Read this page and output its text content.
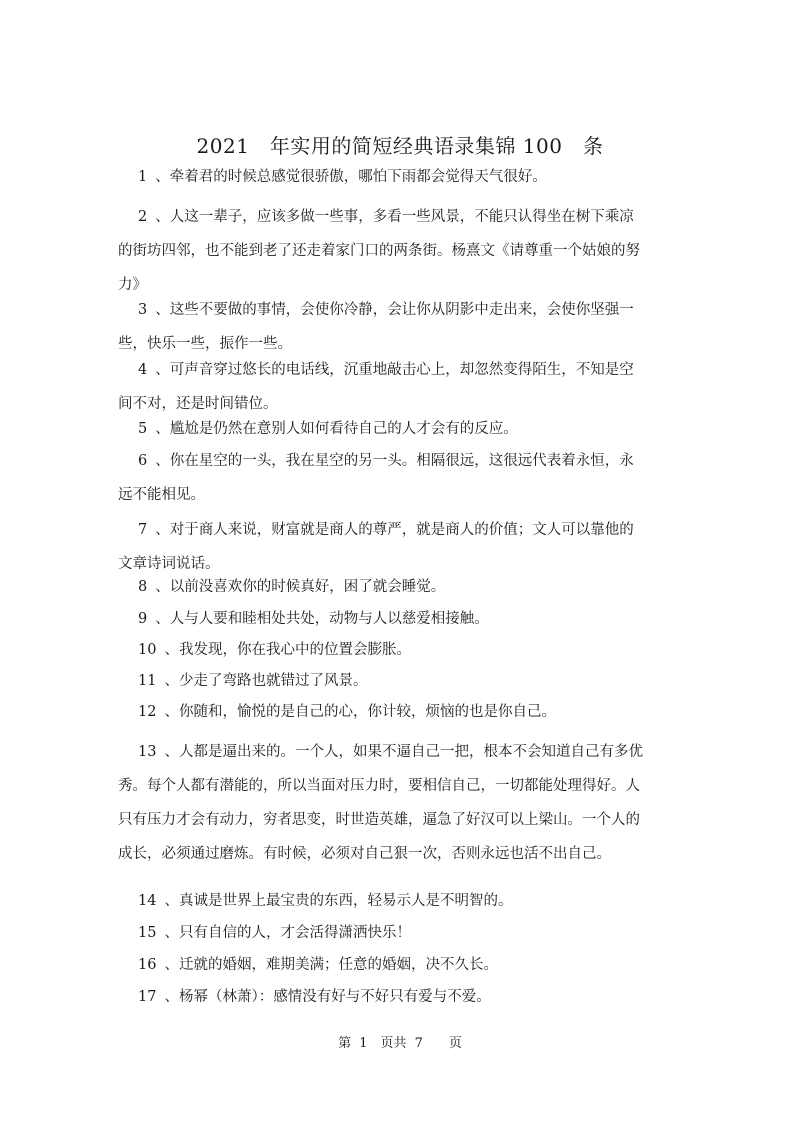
2021　年实用的简短经典语录集锦 100　条
1 、牵着君的时候总感觉很骄傲，哪怕下雨都会觉得天气很好。
2 、人这一辈子，应该多做一些事，多看一些风景，不能只认得坐在树下乘凉的街坊四邻，也不能到老了还走着家门口的两条街。杨熹文《请尊重一个姑娘的努力》
3 、这些不要做的事情，会使你冷静，会让你从阴影中走出来，会使你坚强一些，快乐一些，振作一些。
4 、可声音穿过悠长的电话线，沉重地敲击心上，却忽然变得陌生，不知是空间不对，还是时间错位。
5 、尴尬是仍然在意别人如何看待自己的人才会有的反应。
6 、你在星空的一头，我在星空的另一头。相隔很远，这很远代表着永恒，永远不能相见。
7 、对于商人来说，财富就是商人的尊严，就是商人的价值；文人可以靠他的文章诗词说话。
8 、以前没喜欢你的时候真好，困了就会睡觉。
9 、人与人要和睦相处共处，动物与人以慈爱相接触。
10 、我发现，你在我心中的位置会膨胀。
11 、少走了弯路也就错过了风景。
12 、你随和，愉悦的是自己的心，你计较，烦恼的也是你自己。
13 、人都是逼出来的。一个人，如果不逼自己一把，根本不会知道自己有多优秀。每个人都有潜能的，所以当面对压力时，要相信自己，一切都能处理得好。人只有压力才会有动力，穷者思变，时世造英雄，逼急了好汉可以上梁山。一个人的成长，必须通过磨炼。有时候，必须对自己狠一次，否则永远也活不出自己。
14 、真诚是世界上最宝贵的东西，轻易示人是不明智的。
15 、只有自信的人，才会活得潇洒快乐！
16 、迁就的婚姻，难期美满；任意的婚姻，决不久长。
17 、杨幂（林萧）：感情没有好与不好只有爱与不爱。
第 1　页共 7　　页
